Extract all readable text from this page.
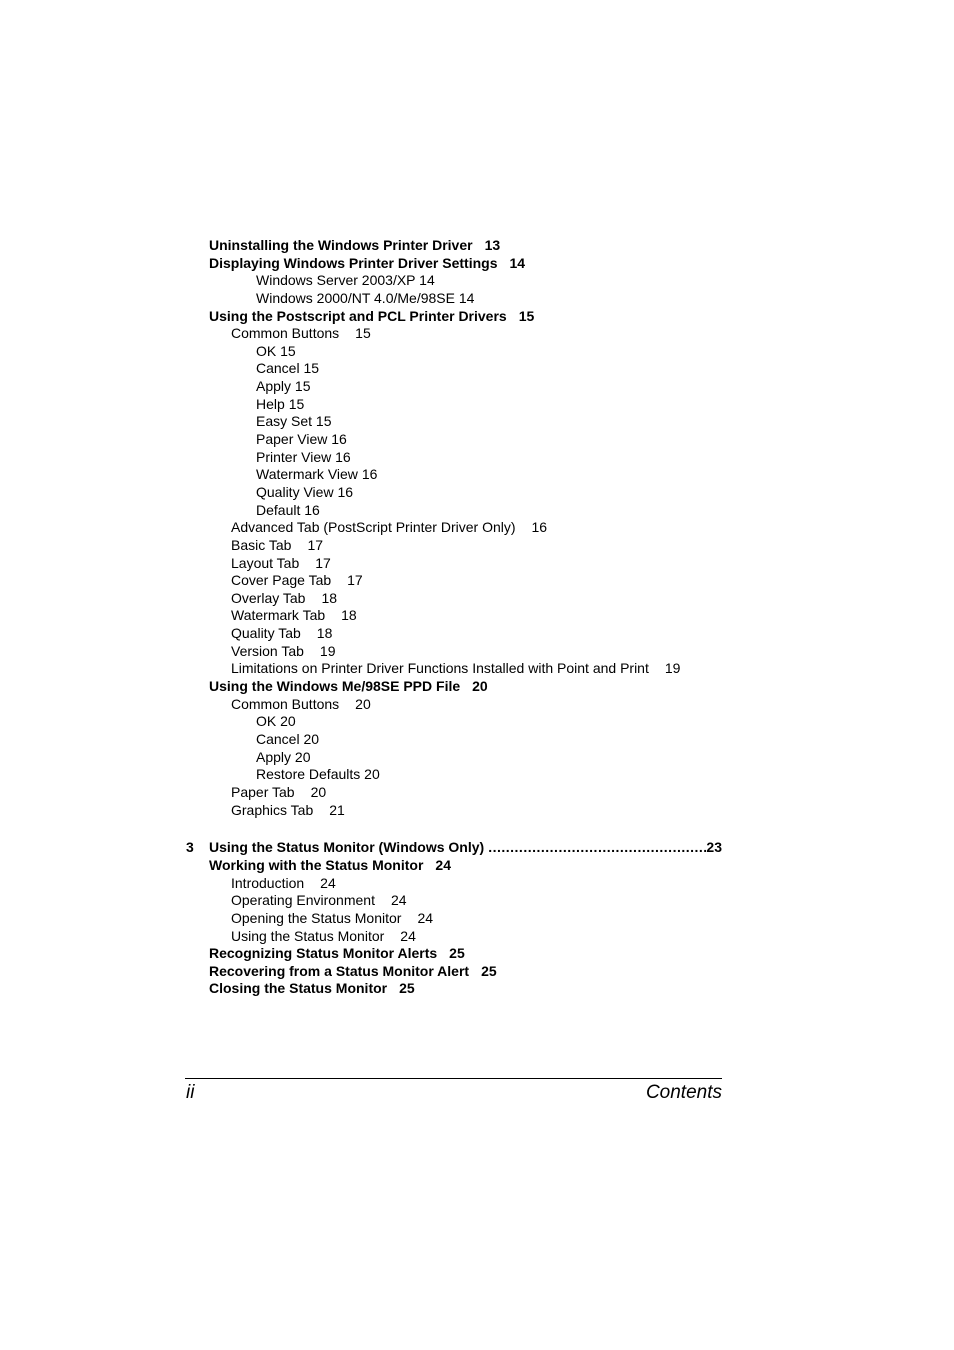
Uninstalling the Windows Printer Driver 13
Displaying Windows Printer Driver Settings 14
Windows Server 2003/XP 14
Windows 2000/NT 4.0/Me/98SE 14
Using the Postscript and PCL Printer Drivers 15
Common Buttons 15
OK 15
Cancel 15
Apply 15
Help 15
Easy Set 15
Paper View 16
Printer View 16
Watermark View 16
Quality View 16
Default 16
Advanced Tab (PostScript Printer Driver Only) 16
Basic Tab 17
Layout Tab 17
Cover Page Tab 17
Overlay Tab 18
Watermark Tab 18
Quality Tab 18
Version Tab 19
Limitations on Printer Driver Functions Installed with Point and Print 19
Using the Windows Me/98SE PPD File 20
Common Buttons 20
OK 20
Cancel 20
Apply 20
Restore Defaults 20
Paper Tab 20
Graphics Tab 21
3 Using the Status Monitor (Windows Only)
.....	23
Working with the Status Monitor 24
Introduction 24
Operating Environment 24
Opening the Status Monitor 24
Using the Status Monitor 24
Recognizing Status Monitor Alerts 25
Recovering from a Status Monitor Alert 25
Closing the Status Monitor 25
ii	Contents
